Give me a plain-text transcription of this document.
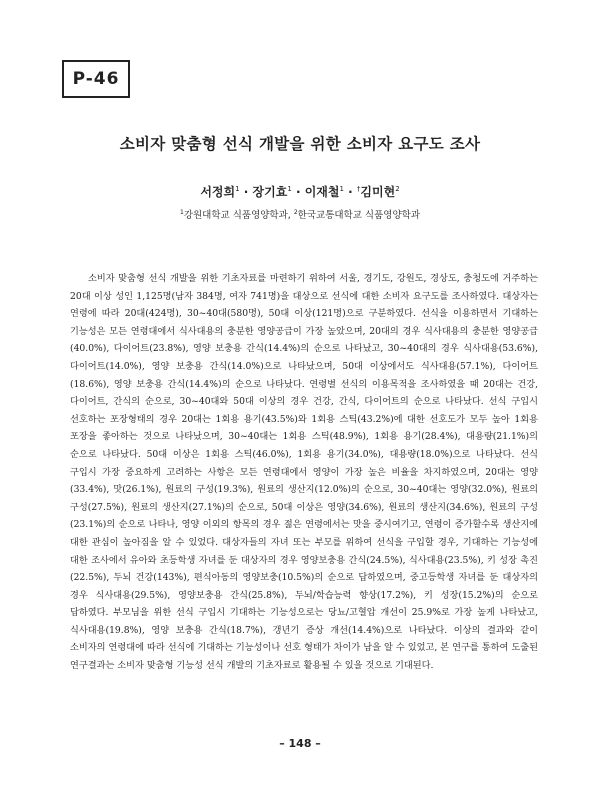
P-46
소비자 맞춤형 선식 개발을 위한 소비자 요구도 조사
서정희$^1$ · 장기효$^1$ · 이재철$^1$ · †김미현$^2$
$^1$강원대학교 식품영양학과, $^2$한국교통대학교 식품영양학과
소비자 맞춤형 선식 개발을 위한 기초자료를 마련하기 위하여 서울, 경기도, 강원도, 경상도, 충청도에 거주하는 20대 이상 성인 1,125명(남자 384명, 여자 741명)을 대상으로 선식에 대한 소비자 요구도를 조사하였다. 대상자는 연령에 따라 20대(424명), 30~40대(580명), 50대 이상(121명)으로 구분하였다. 선식을 이용하면서 기대하는 기능성은 모든 연령대에서 식사대용의 충분한 영양공급이 가장 높았으며, 20대의 경우 식사대용의 충분한 영양공급(40.0%), 다이어트(23.8%), 영양 보충용 간식(14.4%)의 순으로 나타났고, 30~40대의 경우 식사대용(53.6%), 다이어트(14.0%), 영양 보충용 간식(14.0%)으로 나타났으며, 50대 이상에서도 식사대용(57.1%), 다이어트(18.6%), 영양 보충용 간식(14.4%)의 순으로 나타났다. 연령별 선식의 이용목적을 조사하였을 때 20대는 건강, 다이어트, 간식의 순으로, 30~40대와 50대 이상의 경우 건강, 간식, 다이어트의 순으로 나타났다. 선식 구입시 선호하는 포장형태의 경우 20대는 1회용 용기(43.5%)와 1회용 스틱(43.2%)에 대한 선호도가 모두 높아 1회용 포장을 좋아하는 것으로 나타났으며, 30~40대는 1회용 스틱(48.9%), 1회용 용기(28.4%), 대용량(21.1%)의 순으로 나타났다. 50대 이상은 1회용 스틱(46.0%), 1회용 용기(34.0%), 대용량(18.0%)으로 나타났다. 선식 구입시 가장 중요하게 고려하는 사항은 모든 연령대에서 영양이 가장 높은 비율을 차지하였으며, 20대는 영양(33.4%), 맛(26.1%), 원료의 구성(19.3%), 원료의 생산지(12.0%)의 순으로, 30~40대는 영양(32.0%), 원료의 구성(27.5%), 원료의 생산지(27.1%)의 순으로, 50대 이상은 영양(34.6%), 원료의 생산지(34.6%), 원료의 구성(23.1%)의 순으로 나타나, 영양 이외의 항목의 경우 젊은 연령에서는 맛을 중시여기고, 연령이 증가할수록 생산지에 대한 관심이 높아짐을 알 수 있었다. 대상자들의 자녀 또는 부모를 위하여 선식을 구입할 경우, 기대하는 기능성에 대한 조사에서 유아와 초등학생 자녀를 둔 대상자의 경우 영양보충용 간식(24.5%), 식사대용(23.5%), 키 성장 촉진(22.5%), 두뇌 건강(143%), 편식아동의 영양보충(10.5%)의 순으로 답하였으며, 중고등학생 자녀를 둔 대상자의 경우 식사대용(29.5%), 영양보충용 간식(25.8%), 두뇌/학습능력 향상(17.2%), 키 성장(15.2%)의 순으로 답하였다. 부모님을 위한 선식 구입시 기대하는 기능성으로는 당뇨/고혈압 개선이 25.9%로 가장 높게 나타났고, 식사대용(19.8%), 영양 보충용 간식(18.7%), 갱년기 증상 개선(14.4%)으로 나타났다. 이상의 결과와 같이 소비자의 연령대에 따라 선식에 기대하는 기능성이나 선호 형태가 차이가 남을 알 수 있었고, 본 연구를 통하여 도출된 연구결과는 소비자 맞춤형 기능성 선식 개발의 기초자료로 활용될 수 있을 것으로 기대된다.
– 148 –
